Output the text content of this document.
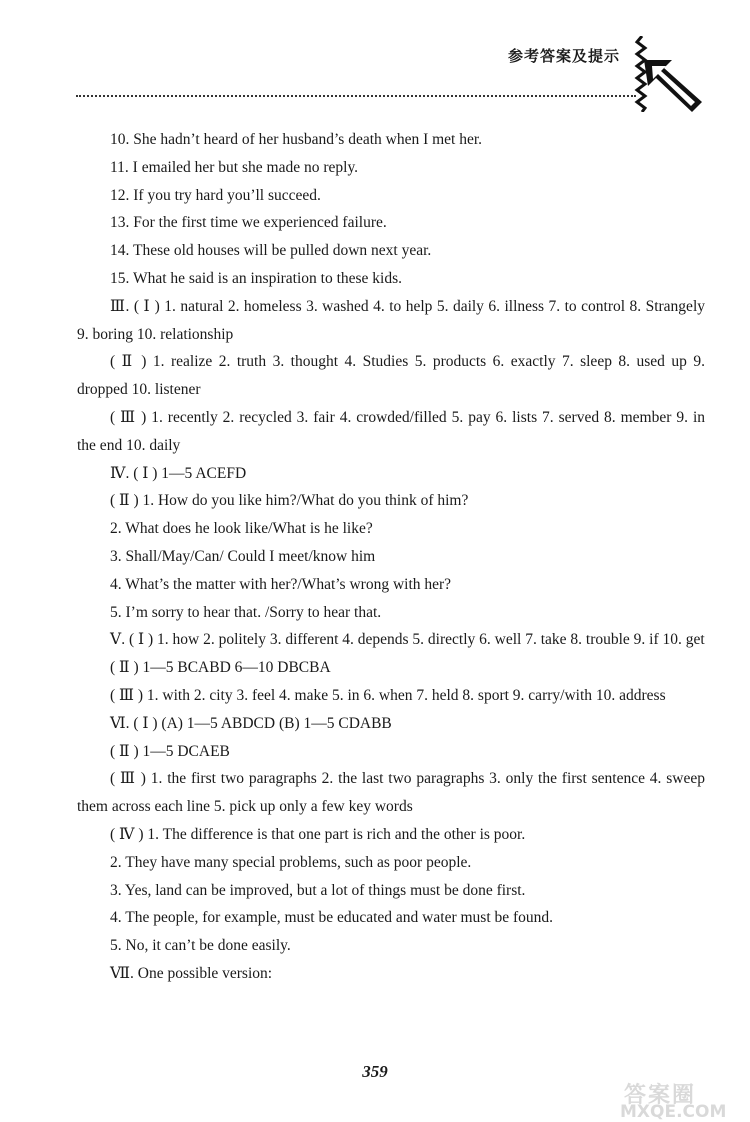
参考答案及提示
10. She hadn’t heard of her husband’s death when I met her.
11. I emailed her but she made no reply.
12. If you try hard you’ll succeed.
13. For the first time we experienced failure.
14. These old houses will be pulled down next year.
15. What he said is an inspiration to these kids.
Ⅲ. ( Ⅰ ) 1. natural 2. homeless 3. washed 4. to help 5. daily 6. illness 7. to control 8. Strangely 9. boring 10. relationship
( Ⅱ ) 1. realize 2. truth 3. thought 4. Studies 5. products 6. exactly 7. sleep 8. used up 9. dropped 10. listener
( Ⅲ ) 1. recently 2. recycled 3. fair 4. crowded/filled 5. pay 6. lists 7. served 8. member 9. in the end 10. daily
Ⅳ. ( Ⅰ ) 1—5 ACEFD
( Ⅱ ) 1. How do you like him?/What do you think of him?
2. What does he look like/What is he like?
3. Shall/May/Can/ Could I meet/know him
4. What’s the matter with her?/What’s wrong with her?
5. I’m sorry to hear that. /Sorry to hear that.
Ⅴ. ( Ⅰ ) 1. how 2. politely 3. different 4. depends 5. directly 6. well 7. take 8. trouble 9. if 10. get
( Ⅱ ) 1—5 BCABD 6—10 DBCBA
( Ⅲ ) 1. with 2. city 3. feel 4. make 5. in 6. when 7. held 8. sport 9. carry/with 10. address
Ⅵ. ( Ⅰ ) (A) 1—5 ABDCD (B) 1—5 CDABB
( Ⅱ ) 1—5 DCAEB
( Ⅲ ) 1. the first two paragraphs 2. the last two paragraphs 3. only the first sentence 4. sweep them across each line 5. pick up only a few key words
( Ⅳ ) 1. The difference is that one part is rich and the other is poor.
2. They have many special problems, such as poor people.
3. Yes, land can be improved, but a lot of things must be done first.
4. The people, for example, must be educated and water must be found.
5. No, it can’t be done easily.
Ⅶ. One possible version:
359
答案圈
MXQE.COM
